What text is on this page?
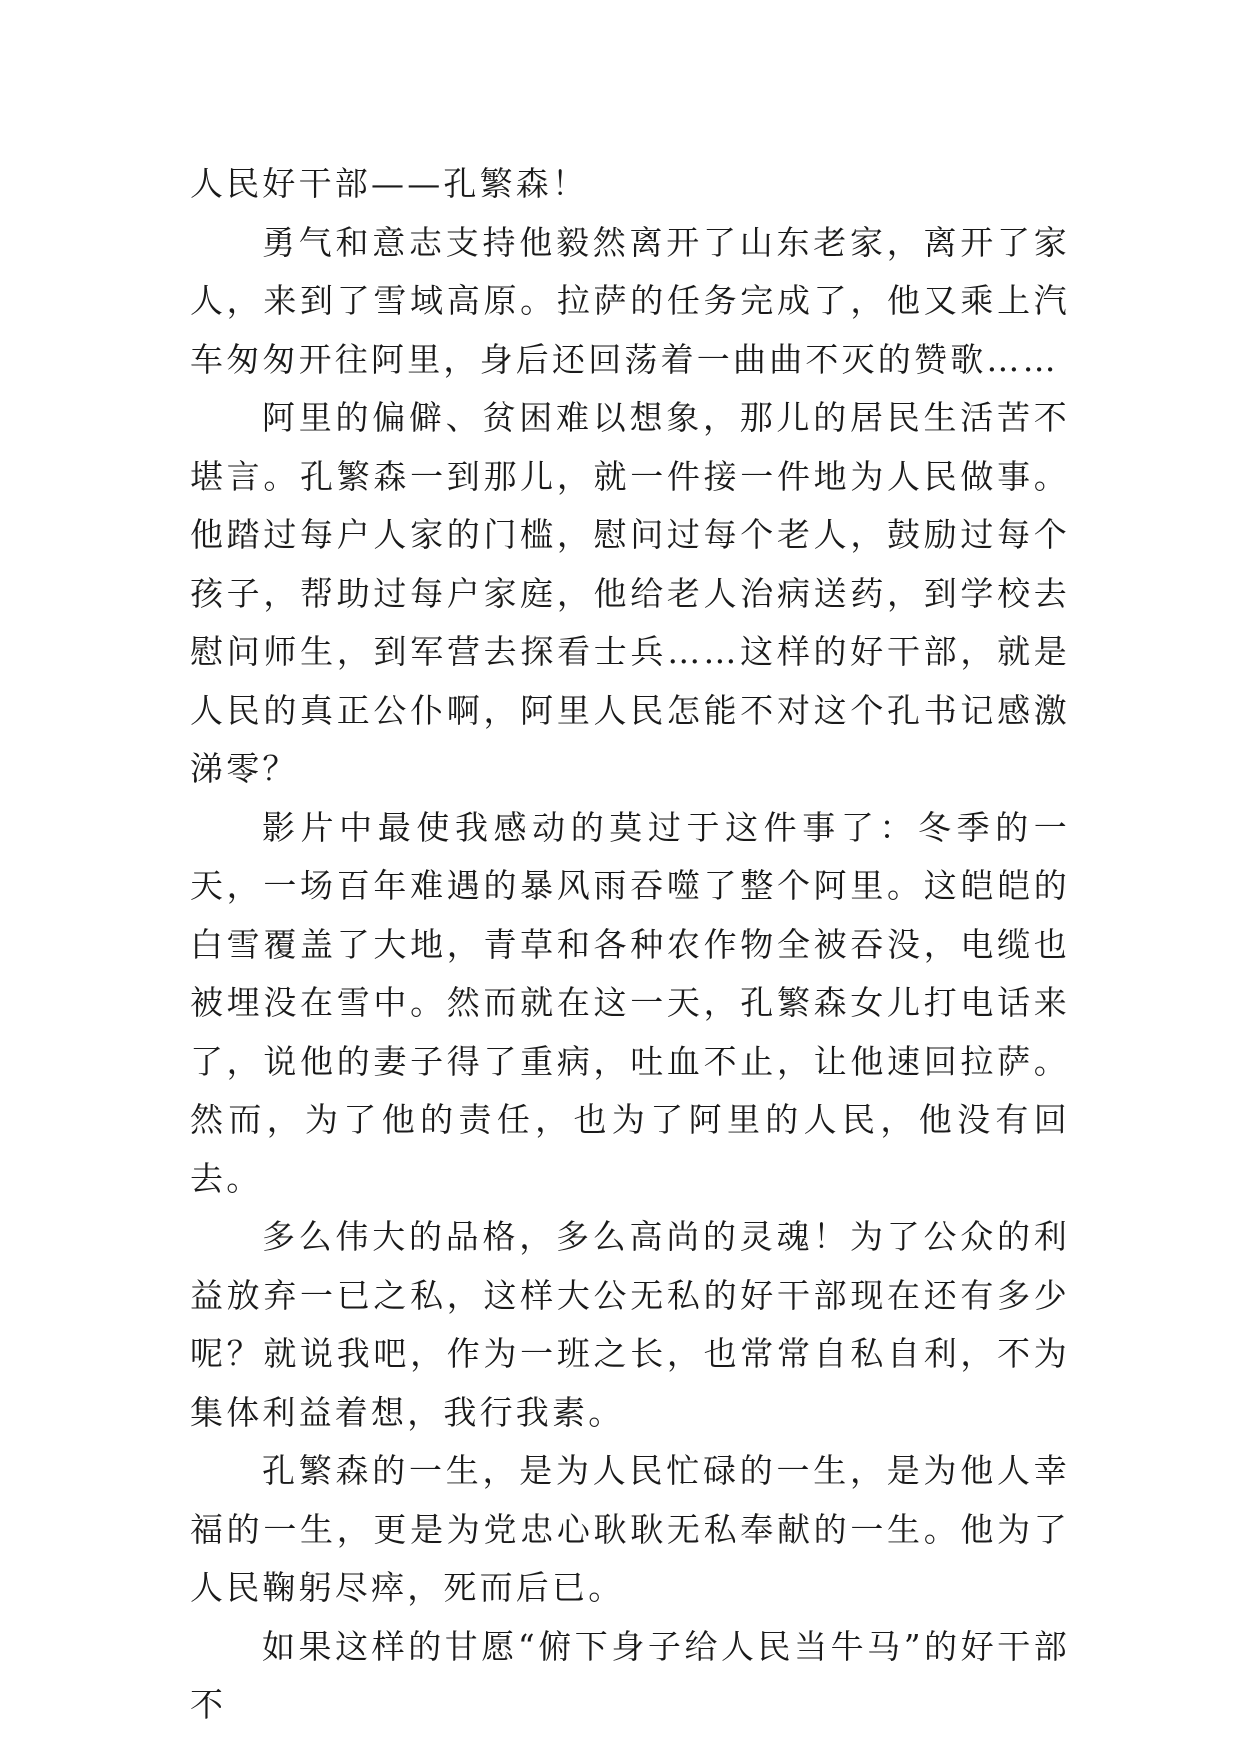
人民好干部——孔繁森！

勇气和意志支持他毅然离开了山东老家，离开了家人，来到了雪域高原。拉萨的任务完成了，他又乘上汽车匆匆开往阿里，身后还回荡着一曲曲不灭的赞歌……

阿里的偏僻、贫困难以想象，那儿的居民生活苦不堪言。孔繁森一到那儿，就一件接一件地为人民做事。他踏过每户人家的门槛，慰问过每个老人，鼓励过每个孩子，帮助过每户家庭，他给老人治病送药，到学校去慰问师生，到军营去探看士兵……这样的好干部，就是人民的真正公仆啊，阿里人民怎能不对这个孔书记感激涕零？

影片中最使我感动的莫过于这件事了：冬季的一天，一场百年难遇的暴风雨吞噬了整个阿里。这皑皑的白雪覆盖了大地，青草和各种农作物全被吞没，电缆也被埋没在雪中。然而就在这一天，孔繁森女儿打电话来了，说他的妻子得了重病，吐血不止，让他速回拉萨。然而，为了他的责任，也为了阿里的人民，他没有回去。

多么伟大的品格，多么高尚的灵魂！为了公众的利益放弃一已之私，这样大公无私的好干部现在还有多少呢？就说我吧，作为一班之长，也常常自私自利，不为集体利益着想，我行我素。

孔繁森的一生，是为人民忙碌的一生，是为他人幸福的一生，更是为党忠心耿耿无私奉献的一生。他为了人民鞠躬尽瘁，死而后已。

如果这样的甘愿“俯下身子给人民当牛马”的好干部不
